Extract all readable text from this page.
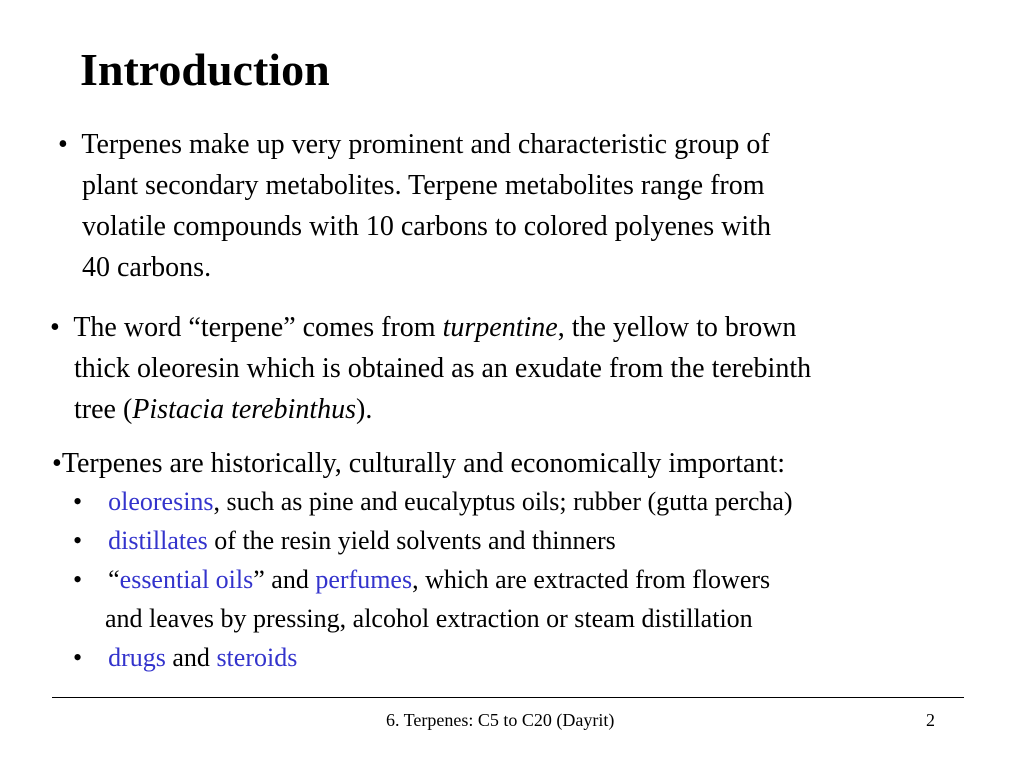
Introduction

• Terpenes make up very prominent and characteristic group of
plant secondary metabolites. Terpene metabolites range from
volatile compounds with 10 carbons to colored polyenes with
40 carbons.

• The word “terpene” comes from turpentine, the yellow to brown
thick oleoresin which is obtained as an exudate from the terebinth
tree (Pistacia terebinthus).

•Terpenes are historically, culturally and economically important:

• oleoresins, such as pine and eucalyptus oils; rubber (gutta percha)

• distillates of the resin yield solvents and thinners

• “essential oils” and perfumes, which are extracted from flowers
and leaves by pressing, alcohol extraction or steam distillation

• drugs and steroids

6. Terpenes: C5 to C20 (Dayrit)	2
